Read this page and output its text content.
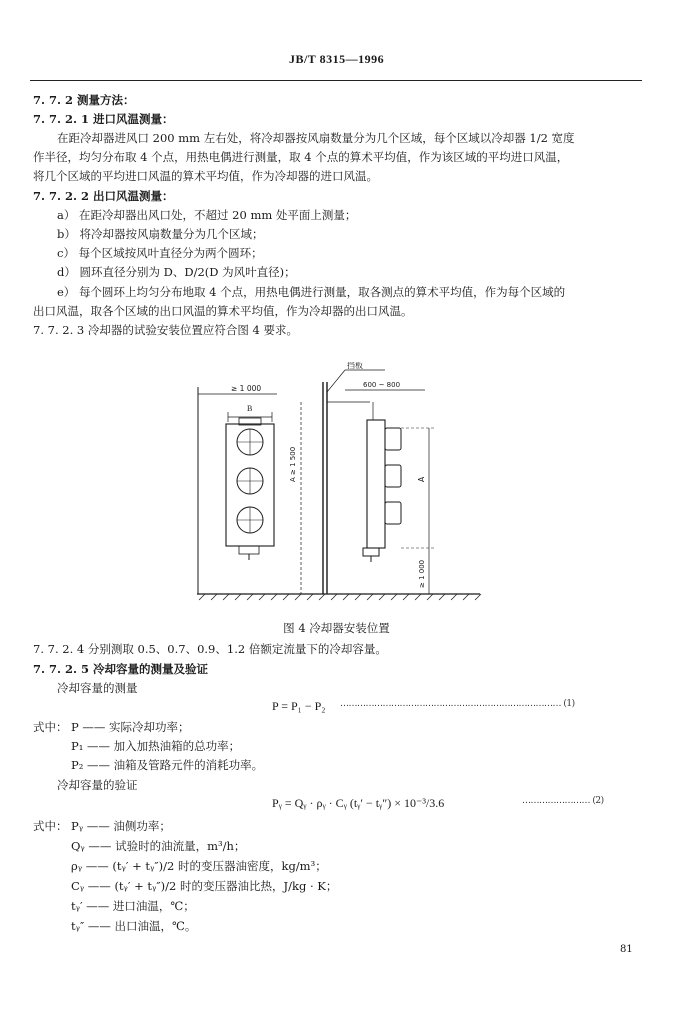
JB/T 8315—1996
7. 7. 2 测量方法：
7. 7. 2. 1 进口风温测量：
在距冷却器进风口 200 mm 左右处，将冷却器按风扇数量分为几个区域，每个区域以冷却器 1/2 宽度
作半径，均匀分布取 4 个点，用热电偶进行测量，取 4 个点的算术平均值，作为该区域的平均进口风温，
将几个区域的平均进口风温的算术平均值，作为冷却器的进口风温。
7. 7. 2. 2 出口风温测量：
a） 在距冷却器出风口处，不超过 20 mm 处平面上测量；
b） 将冷却器按风扇数量分为几个区域；
c） 每个区域按风叶直径分为两个圆环；
d） 圆环直径分别为 D、D/2(D 为风叶直径)；
e） 每个圆环上均匀分布地取 4 个点，用热电偶进行测量，取各测点的算术平均值，作为每个区域的
出口风温，取各个区域的出口风温的算术平均值，作为冷却器的出口风温。
7. 7. 2. 3 冷却器的试验安装位置应符合图 4 要求。
挡板
≥ 1 000
B
600 ~ 800
A ≥ 1 500	A
≥ 1 000
图 4 冷却器安装位置
7. 7. 2. 4 分别测取 0.5、0.7、0.9、1.2 倍额定流量下的冷却容量。
7. 7. 2. 5 冷却容量的测量及验证
冷却容量的测量
P = P₁ − P₂ …………………………………………………………………… (1)
式中： P —— 实际冷却功率；
P₁ —— 加入加热油箱的总功率；
P₂ —— 油箱及管路元件的消耗功率。
冷却容量的验证
Pᵧ = Qᵧ · ρᵧ · Cᵧ (tᵧ′ − tᵧ″) × 10⁻³/3.6	…………………… (2)
式中： Pᵧ —— 油侧功率；
Qᵧ —— 试验时的油流量，m³/h；
ρᵧ —— (tᵧ′ + tᵧ″)/2 时的变压器油密度，kg/m³；
Cᵧ —— (tᵧ′ + tᵧ″)/2 时的变压器油比热，J/kg · K；
tᵧ′ —— 进口油温，℃；
tᵧ″ —— 出口油温，℃。
81
